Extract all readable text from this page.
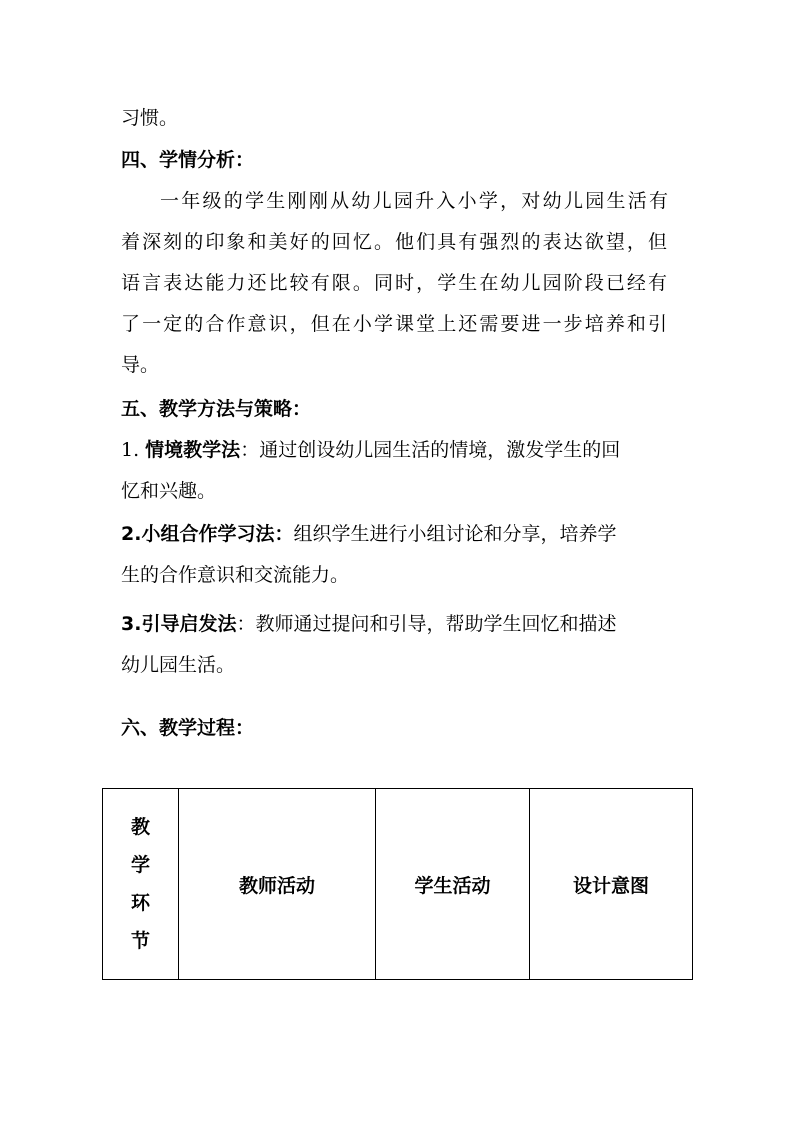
习惯。
四、学情分析：
一年级的学生刚刚从幼儿园升入小学，对幼儿园生活有
着深刻的印象和美好的回忆。他们具有强烈的表达欲望，但
语言表达能力还比较有限。同时，学生在幼儿园阶段已经有
了一定的合作意识，但在小学课堂上还需要进一步培养和引
导。
五、教学方法与策略：
1. 情境教学法：通过创设幼儿园生活的情境，激发学生的回
忆和兴趣。
2.小组合作学习法：组织学生进行小组讨论和分享，培养学
生的合作意识和交流能力。
3.引导启发法：教师通过提问和引导，帮助学生回忆和描述
幼儿园生活。
六、教学过程：
教
学
环
节
	教师活动	学生活动	设计意图
